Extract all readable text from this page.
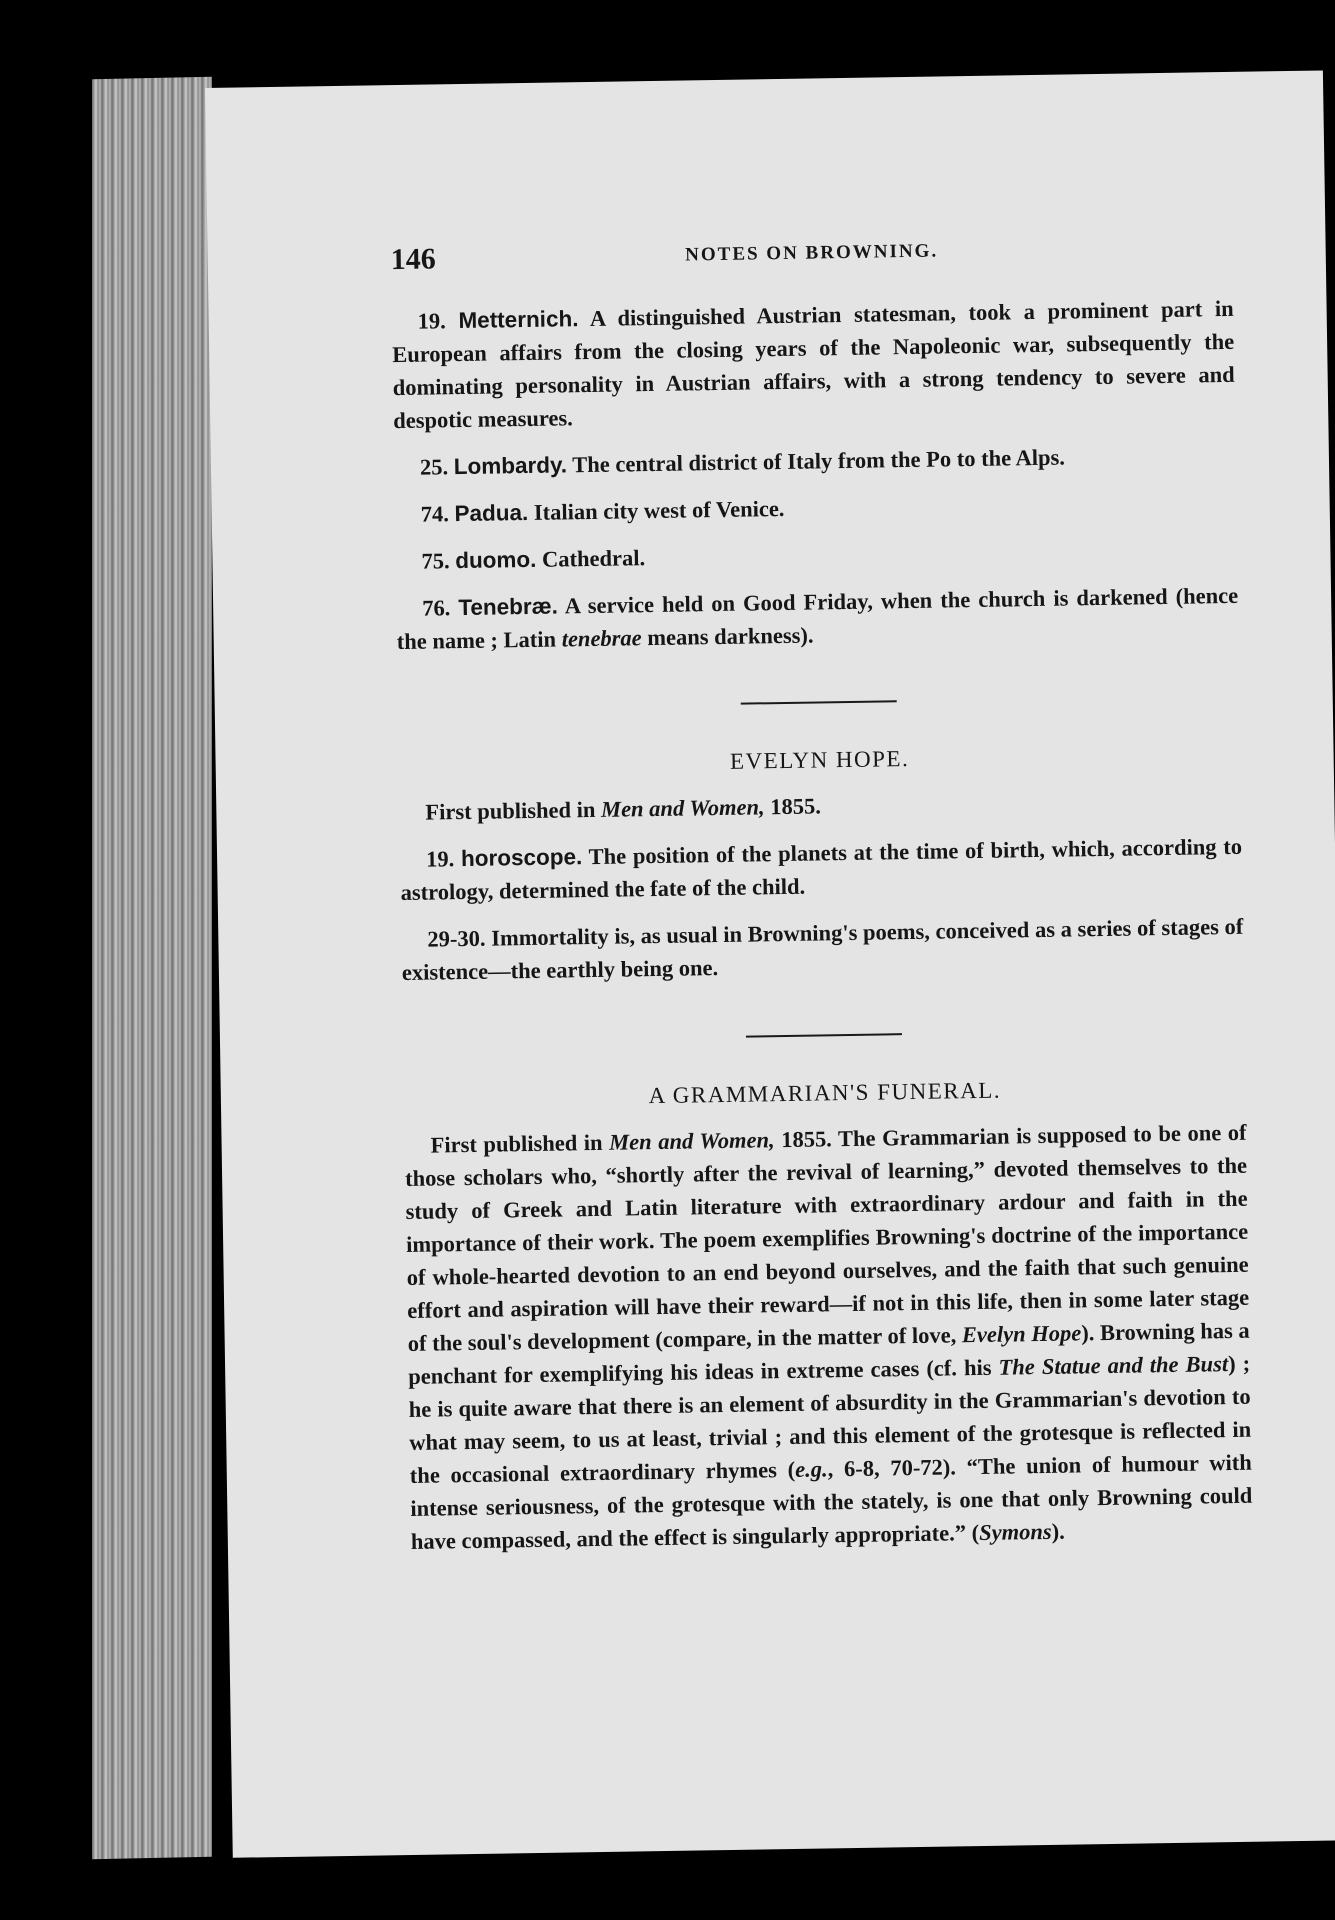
146	NOTES ON BROWNING.

19. Metternich. A distinguished Austrian statesman, took a prominent part in European affairs from the closing years of the Napoleonic war, subsequently the dominating personality in Austrian affairs, with a strong tendency to severe and despotic measures.

25. Lombardy. The central district of Italy from the Po to the Alps.

74. Padua. Italian city west of Venice.

75. duomo. Cathedral.

76. Tenebræ. A service held on Good Friday, when the church is darkened (hence the name ; Latin tenebrae means darkness).

EVELYN HOPE.

First published in Men and Women, 1855.

19. horoscope. The position of the planets at the time of birth, which, according to astrology, determined the fate of the child.

29-30. Immortality is, as usual in Browning's poems, conceived as a series of stages of existence—the earthly being one.

A GRAMMARIAN'S FUNERAL.

First published in Men and Women, 1855. The Grammarian is supposed to be one of those scholars who, “shortly after the revival of learning,” devoted themselves to the study of Greek and Latin literature with extraordinary ardour and faith in the importance of their work. The poem exemplifies Browning's doctrine of the importance of whole-hearted devotion to an end beyond ourselves, and the faith that such genuine effort and aspiration will have their reward—if not in this life, then in some later stage of the soul's development (compare, in the matter of love, Evelyn Hope). Browning has a penchant for exemplifying his ideas in extreme cases (cf. his The Statue and the Bust) ; he is quite aware that there is an element of absurdity in the Grammarian's devotion to what may seem, to us at least, trivial ; and this element of the grotesque is reflected in the occasional extraordinary rhymes (e.g., 6-8, 70-72). “The union of humour with intense seriousness, of the grotesque with the stately, is one that only Browning could have compassed, and the effect is singularly appropriate.” (Symons).
